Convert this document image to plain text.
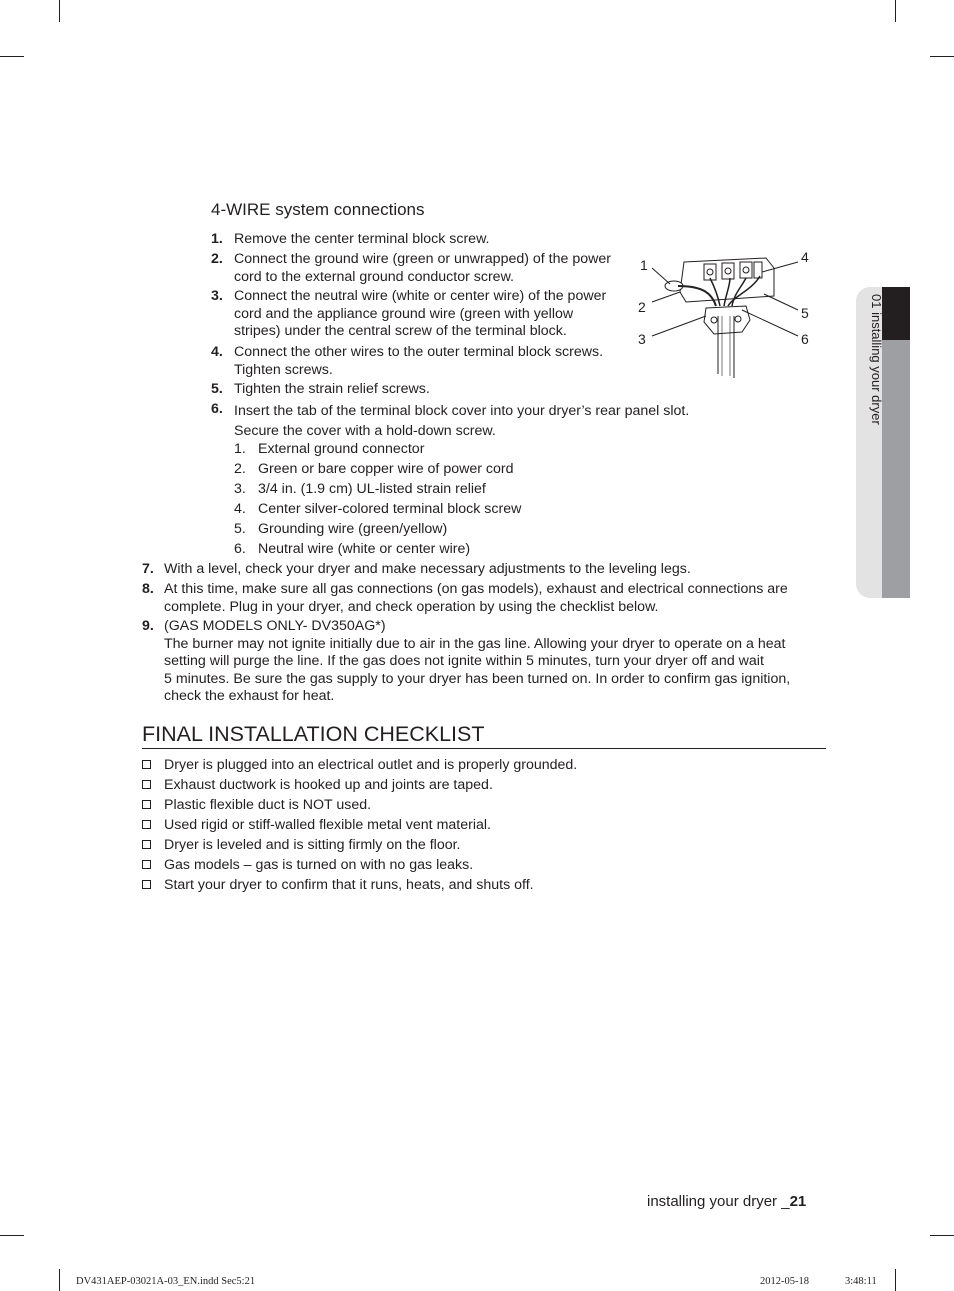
01 installing your dryer
4-WIRE system connections
1. Remove the center terminal block screw.
2. Connect the ground wire (green or unwrapped) of the power
cord to the external ground conductor screw.
3. Connect the neutral wire (white or center wire) of the power
cord and the appliance ground wire (green with yellow
stripes) under the central screw of the terminal block.
4. Connect the other wires to the outer terminal block screws.
Tighten screws.
5. Tighten the strain relief screws.
6. Insert the tab of the terminal block cover into your dryer’s rear panel slot.
Secure the cover with a hold-down screw.
1. External ground connector
2. Green or bare copper wire of power cord
3. 3/4 in. (1.9 cm) UL-listed strain relief
4. Center silver-colored terminal block screw
5. Grounding wire (green/yellow)
6. Neutral wire (white or center wire)
7. With a level, check your dryer and make necessary adjustments to the leveling legs.
8. At this time, make sure all gas connections (on gas models), exhaust and electrical connections are
complete. Plug in your dryer, and check operation by using the checklist below.
9. (GAS MODELS ONLY- DV350AG*)
The burner may not ignite initially due to air in the gas line. Allowing your dryer to operate on a heat
setting will purge the line. If the gas does not ignite within 5 minutes, turn your dryer off and wait
5 minutes. Be sure the gas supply to your dryer has been turned on. In order to confirm gas ignition,
check the exhaust for heat.
1
2
3
4
5
6
FINAL INSTALLATION CHECKLIST
Dryer is plugged into an electrical outlet and is properly grounded.
Exhaust ductwork is hooked up and joints are taped.
Plastic flexible duct is NOT used.
Used rigid or stiff-walled flexible metal vent material.
Dryer is leveled and is sitting firmly on the floor.
Gas models – gas is turned on with no gas leaks.
Start your dryer to confirm that it runs, heats, and shuts off.
installing your dryer _21
DV431AEP-03021A-03_EN.indd Sec5:21	2012-05-18	3:48:11
